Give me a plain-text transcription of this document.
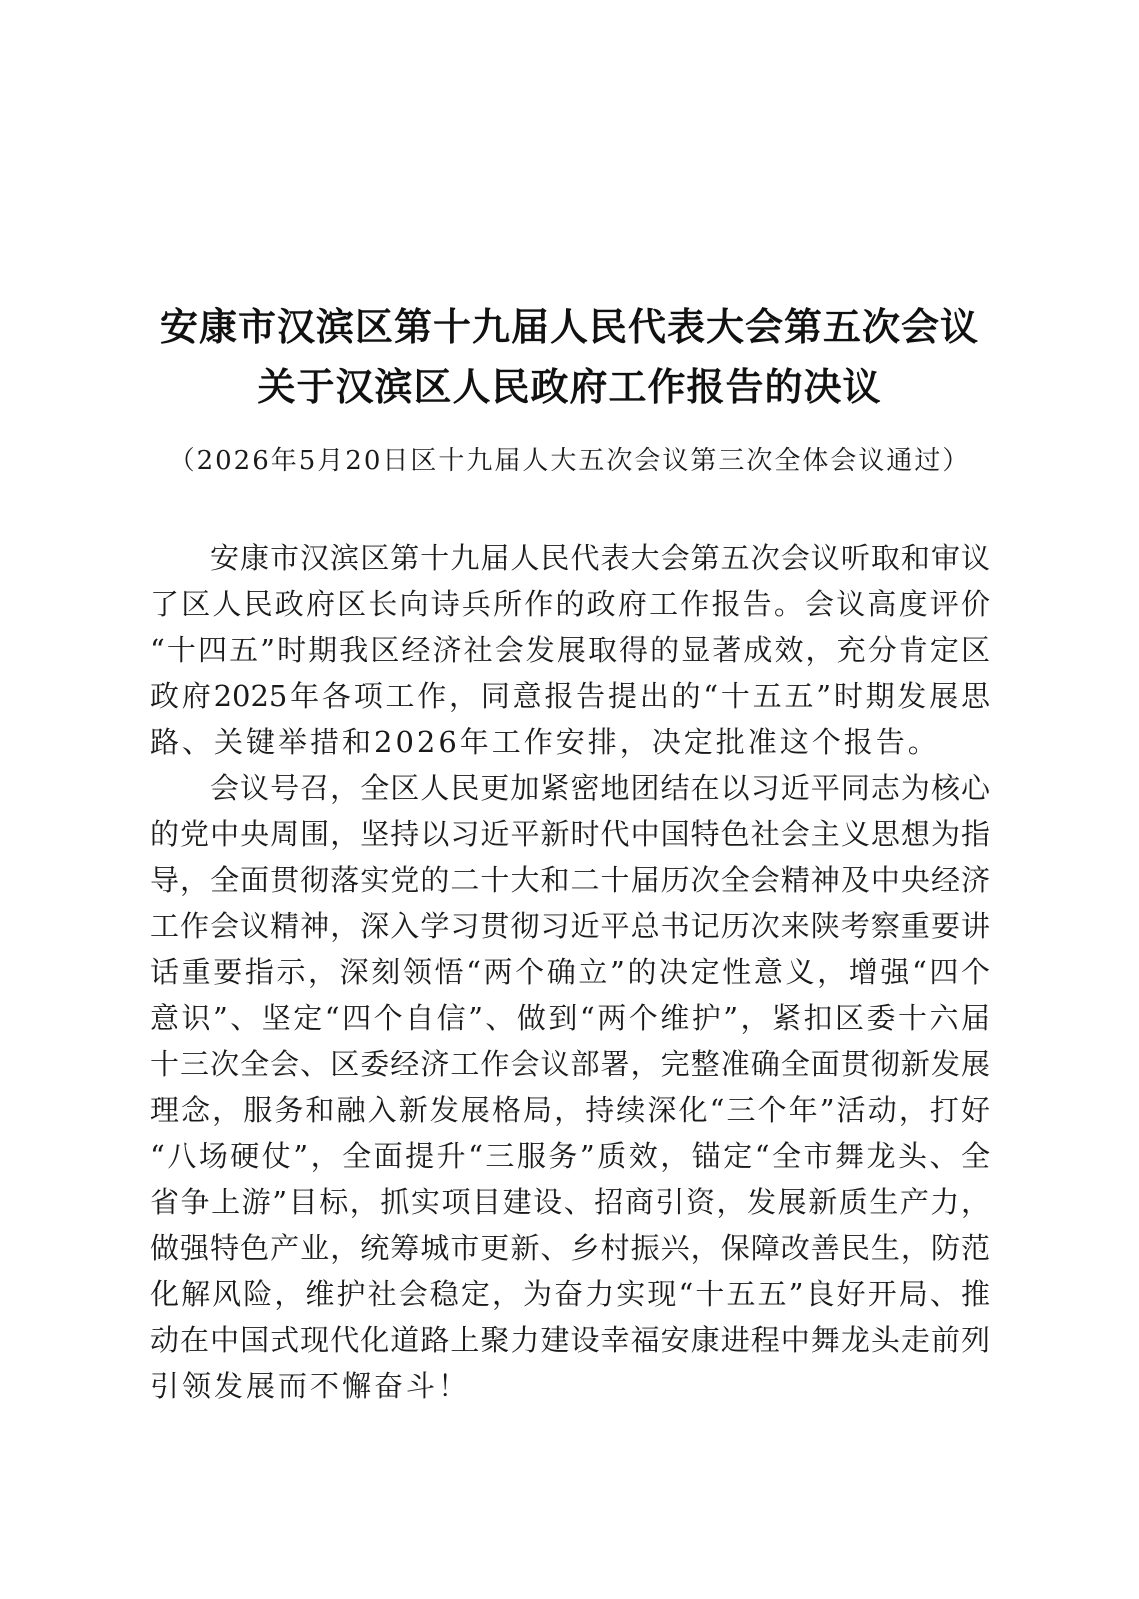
安康市汉滨区第十九届人民代表大会第五次会议
关于汉滨区人民政府工作报告的决议
（2026年5月20日区十九届人大五次会议第三次全体会议通过）
安康市汉滨区第十九届人民代表大会第五次会议听取和审议
了区人民政府区长向诗兵所作的政府工作报告。会议高度评价
“十四五”时期我区经济社会发展取得的显著成效，充分肯定区
政府2025年各项工作，同意报告提出的“十五五”时期发展思
路、关键举措和2026年工作安排，决定批准这个报告。
会议号召，全区人民更加紧密地团结在以习近平同志为核心
的党中央周围，坚持以习近平新时代中国特色社会主义思想为指
导，全面贯彻落实党的二十大和二十届历次全会精神及中央经济
工作会议精神，深入学习贯彻习近平总书记历次来陕考察重要讲
话重要指示，深刻领悟“两个确立”的决定性意义，增强“四个
意识”、坚定“四个自信”、做到“两个维护”，紧扣区委十六届
十三次全会、区委经济工作会议部署，完整准确全面贯彻新发展
理念，服务和融入新发展格局，持续深化“三个年”活动，打好
“八场硬仗”，全面提升“三服务”质效，锚定“全市舞龙头、全
省争上游”目标，抓实项目建设、招商引资，发展新质生产力，
做强特色产业，统筹城市更新、乡村振兴，保障改善民生，防范
化解风险，维护社会稳定，为奋力实现“十五五”良好开局、推
动在中国式现代化道路上聚力建设幸福安康进程中舞龙头走前列
引领发展而不懈奋斗！
